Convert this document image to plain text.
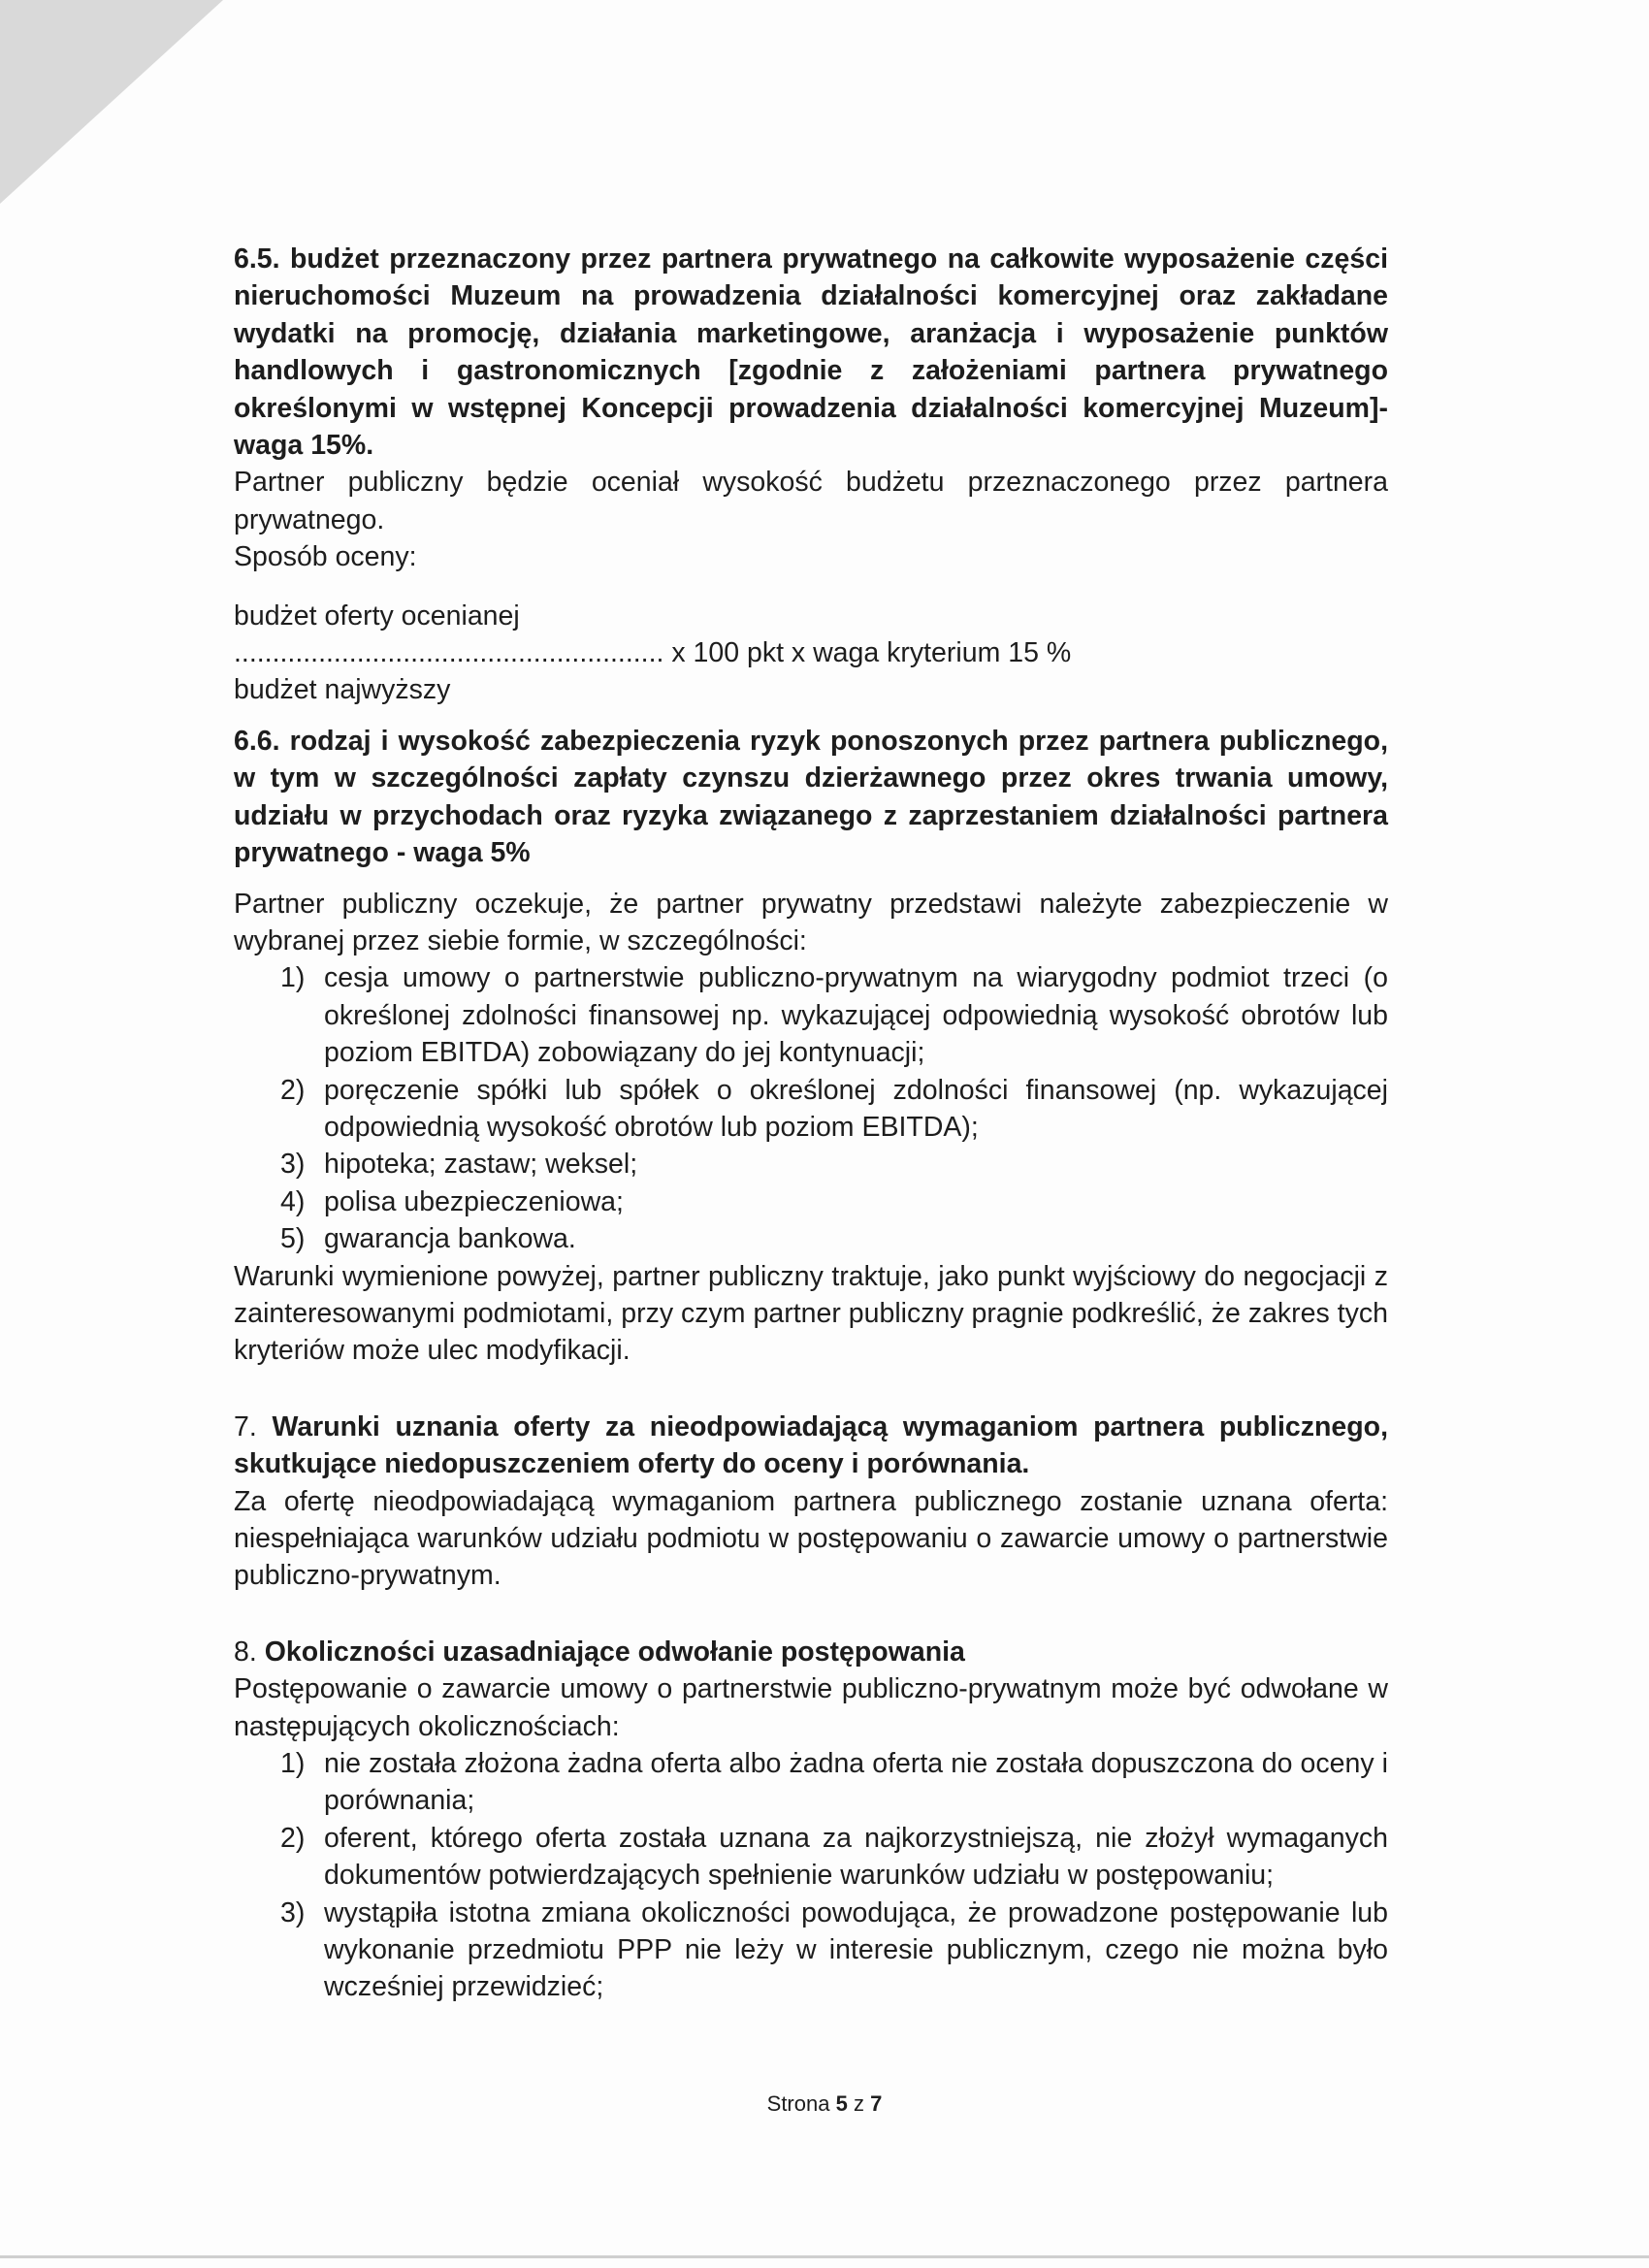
6.5. budżet przeznaczony przez partnera prywatnego na całkowite wyposażenie części nieruchomości Muzeum na prowadzenia działalności komercyjnej oraz zakładane wydatki na promocję, działania marketingowe, aranżacja i wyposażenie punktów handlowych i gastronomicznych [zgodnie z założeniami partnera prywatnego określonymi w wstępnej Koncepcji prowadzenia działalności komercyjnej Muzeum]- waga 15%.

Partner publiczny będzie oceniał wysokość budżetu przeznaczonego przez partnera prywatnego.

Sposób oceny:

budżet oferty ocenianej

........................................................ x 100 pkt x waga kryterium 15 %

budżet najwyższy

6.6. rodzaj i wysokość zabezpieczenia ryzyk ponoszonych przez partnera publicznego, w tym w szczególności zapłaty czynszu dzierżawnego przez okres trwania umowy, udziału w przychodach oraz ryzyka związanego z zaprzestaniem działalności partnera prywatnego - waga 5%

Partner publiczny oczekuje, że partner prywatny przedstawi należyte zabezpieczenie w wybranej przez siebie formie, w szczególności:

1) cesja umowy o partnerstwie publiczno-prywatnym na wiarygodny podmiot trzeci (o określonej zdolności finansowej np. wykazującej odpowiednią wysokość obrotów lub poziom EBITDA) zobowiązany do jej kontynuacji;
2) poręczenie spółki lub spółek o określonej zdolności finansowej (np. wykazującej odpowiednią wysokość obrotów lub poziom EBITDA);
3) hipoteka; zastaw; weksel;
4) polisa ubezpieczeniowa;
5) gwarancja bankowa.

Warunki wymienione powyżej, partner publiczny traktuje, jako punkt wyjściowy do negocjacji z zainteresowanymi podmiotami, przy czym partner publiczny pragnie podkreślić, że zakres tych kryteriów może ulec modyfikacji.

7. Warunki uznania oferty za nieodpowiadającą wymaganiom partnera publicznego, skutkujące niedopuszczeniem oferty do oceny i porównania.

Za ofertę nieodpowiadającą wymaganiom partnera publicznego zostanie uznana oferta: niespełniająca warunków udziału podmiotu w postępowaniu o zawarcie umowy o partnerstwie publiczno-prywatnym.

8. Okoliczności uzasadniające odwołanie postępowania

Postępowanie o zawarcie umowy o partnerstwie publiczno-prywatnym może być odwołane w następujących okolicznościach:

1) nie została złożona żadna oferta albo żadna oferta nie została dopuszczona do oceny i porównania;
2) oferent, którego oferta została uznana za najkorzystniejszą, nie złożył wymaganych dokumentów potwierdzających spełnienie warunków udziału w postępowaniu;
3) wystąpiła istotna zmiana okoliczności powodująca, że prowadzone postępowanie lub wykonanie przedmiotu PPP nie leży w interesie publicznym, czego nie można było wcześniej przewidzieć;
Strona 5 z 7
